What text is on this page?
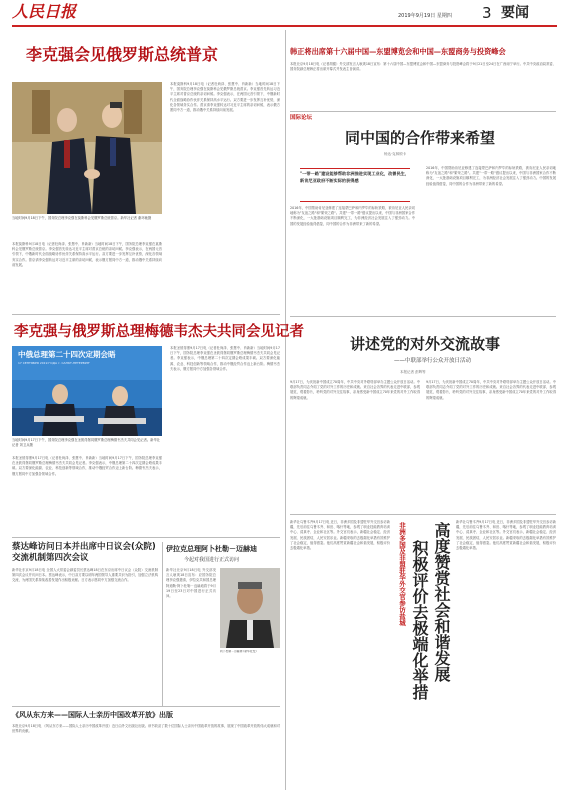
人民日报	2019年9月19日 星期四 3 要闻
李克强会见俄罗斯总统普京
当地时间9月18日下午，国务院总理李克强在莫斯科会见俄罗斯总统普京。新华社记者 谢环驰摄
本报莫斯科9月18日电（记者杜尚泽、张慧中、肖新新）当地时间18日下午，国务院总理李克强在莫斯科会见俄罗斯总统普京。李克强首先转达习近平主席对普京总统的亲切问候。李克强表示，在两国元首引领下，中俄新时代全面战略协作伙伴关系保持高水平运行。双方要进一步发挥互补优势，深化各领域务实合作。普京请李克强转达对习近平主席的亲切问候，表示俄方愿同中方一道，推动俄中关系持续向前发展。
本报莫斯科9月18日电（记者杜尚泽、张慧中、肖新新）当地时间18日下午，国务院总理李克强在莫斯科会见俄罗斯总统普京。李克强首先转达习近平主席对普京总统的亲切问候。李克强表示，在两国元首引领下，中俄新时代全面战略协作伙伴关系保持高水平运行。双方要进一步发挥互补优势，深化各领域务实合作。普京请李克强转达对习近平主席的亲切问候，表示俄方愿同中方一道，推动俄中关系持续向前发展。
李克强与俄罗斯总理梅德韦杰夫共同会见记者
中俄总理第二十四次定期会晤
17 СЕНТЯБРЯ 2019 ГОДА г. САНКТ-ПЕТЕРБУРГ
当地时间9月17日下午，国务院总理李克强在圣彼得堡同俄罗斯总理梅德韦杰夫共同会见记者。新华社记者 刘卫兵摄
本报圣彼得堡9月17日电（记者杜尚泽、张慧中、肖新新）当地时间9月17日下午，国务院总理李克强在圣彼得堡同俄罗斯总理梅德韦杰夫共同会见记者。李克强表示，中俄总理第二十四次定期会晤成果丰硕。双方要深化能源、农业、科技创新等领域合作，推动中俄经贸合作迈上新台阶。梅德韦杰夫表示，俄方愿同中方加强各领域合作。
本报圣彼得堡9月17日电（记者杜尚泽、张慧中、肖新新）当地时间9月17日下午，国务院总理李克强在圣彼得堡同俄罗斯总理梅德韦杰夫共同会见记者。李克强表示，中俄总理第二十四次定期会晤成果丰硕。双方要深化能源、农业、科技创新等领域合作，推动中俄经贸合作迈上新台阶。梅德韦杰夫表示，俄方愿同中方加强各领域合作。
蔡达峰访问日本并出席中日议会(众院)交流机制第四次会议
新华社东京9月18日电 全国人大常委会副委员长蔡达峰18日在东京出席中日议会（众院）交流机制第四次会议并访问日本。蔡达峰表示，中日双方要以明年两国领导人重要共识为指引，加强立法机构交流，为两国关系持续改善发展作出积极贡献。日方表示愿同中方加强交流合作。
伊拉克总理阿卜杜勒－迈赫迪
今起对我国进行正式访问
新华社北京9月18日电 外交部发言人耿爽18日宣布：应国务院总理李克强邀请，伊拉克共和国总理阿迪勒·阿卜杜勒－迈赫迪将于9月19日至23日对中国进行正式访问。
阿卜杜勒－迈赫迪 (新华社发)
《风从东方来——国际人士亲历中国改革开放》出版
本报北京9月18日电 《风从东方来——国际人士亲历中国改革开放》近日由外文出版社出版。该书收录了数十位国际人士亲历中国改革开放的故事，展现了中国改革开放的伟大成就和对世界的贡献。
韩正将出席第十六届中国—东盟博览会和中国—东盟商务与投资峰会
本报北京9月18日电（记者胡健）外交部发言人耿爽18日宣布：第十六届中国—东盟博览会和中国—东盟商务与投资峰会将于9月21日至24日在广西南宁举行。中共中央政治局常委、国务院副总理韩正将出席开幕式并发表主旨演讲。
国际论坛
同中国的合作带来希望
杨达·克林顿卡
"一带一路"建设能够帮助非洲推进实现工业化，改善民生，新肯尼亚政府不断实际的获得感
2016年，中国帮助肯尼亚修建了连接蒙巴萨和内罗毕的标轨铁路，被肯尼亚人民亲切地称为"友谊之路"和"繁荣之路"。共建"一带一路"倡议提出以来，中国与非洲国家合作不断深化，一大批基础设施项目顺利完工，为非洲经济社会发展注入了强劲动力。中国的发展经验值得借鉴，同中国的合作为非洲带来了新的希望。
2016年，中国帮助肯尼亚修建了连接蒙巴萨和内罗毕的标轨铁路，被肯尼亚人民亲切地称为"友谊之路"和"繁荣之路"。共建"一带一路"倡议提出以来，中国与非洲国家合作不断深化，一大批基础设施项目顺利完工，为非洲经济社会发展注入了强劲动力。中国的发展经验值得借鉴，同中国的合作为非洲带来了新的希望。
讲述党的对外交流故事
——中联部举行公众开放日活动
本报记者 彭辉等
9月17日，为庆祝新中国成立70周年，中共中央对外联络部举办主题公众开放日活动。中联部负责同志介绍了党的对外工作的历史和成就。来自社会各界的代表走进中联部，参观展览，观看影片，聆听党的对外交往故事，亲身感受新中国成立70年来党的对外工作取得的辉煌成就。
9月17日，为庆祝新中国成立70周年，中共中央对外联络部举办主题公众开放日活动。中联部负责同志介绍了党的对外工作的历史和成就。来自社会各界的代表走进中联部，参观展览，观看影片，聆听党的对外交往故事，亲身感受新中国成立70年来党的对外工作取得的辉煌成就。
新华社乌鲁木齐9月17日电 近日，非洲多国及非盟驻华外交官参访新疆，先后前往乌鲁木齐、和田、喀什等地，参观了职业技能教育培训中心、清真寺、企业和社区等。外交官们表示，新疆社会稳定、经济发展、民族团结，人民安居乐业。新疆采取的去极端化举措有效维护了社会稳定，值得借鉴。他们高度赞赏新疆社会和谐发展，积极评价去极端化举措。	非洲多国及非盟驻华外交官参访盐城 高度赞赏社会和谐发展
积极评价去极端化举措
新华社乌鲁木齐9月17日电 近日，非洲多国及非盟驻华外交官参访新疆，先后前往乌鲁木齐、和田、喀什等地，参观了职业技能教育培训中心、清真寺、企业和社区等。外交官们表示，新疆社会稳定、经济发展、民族团结，人民安居乐业。新疆采取的去极端化举措有效维护了社会稳定，值得借鉴。他们高度赞赏新疆社会和谐发展，积极评价去极端化举措。
